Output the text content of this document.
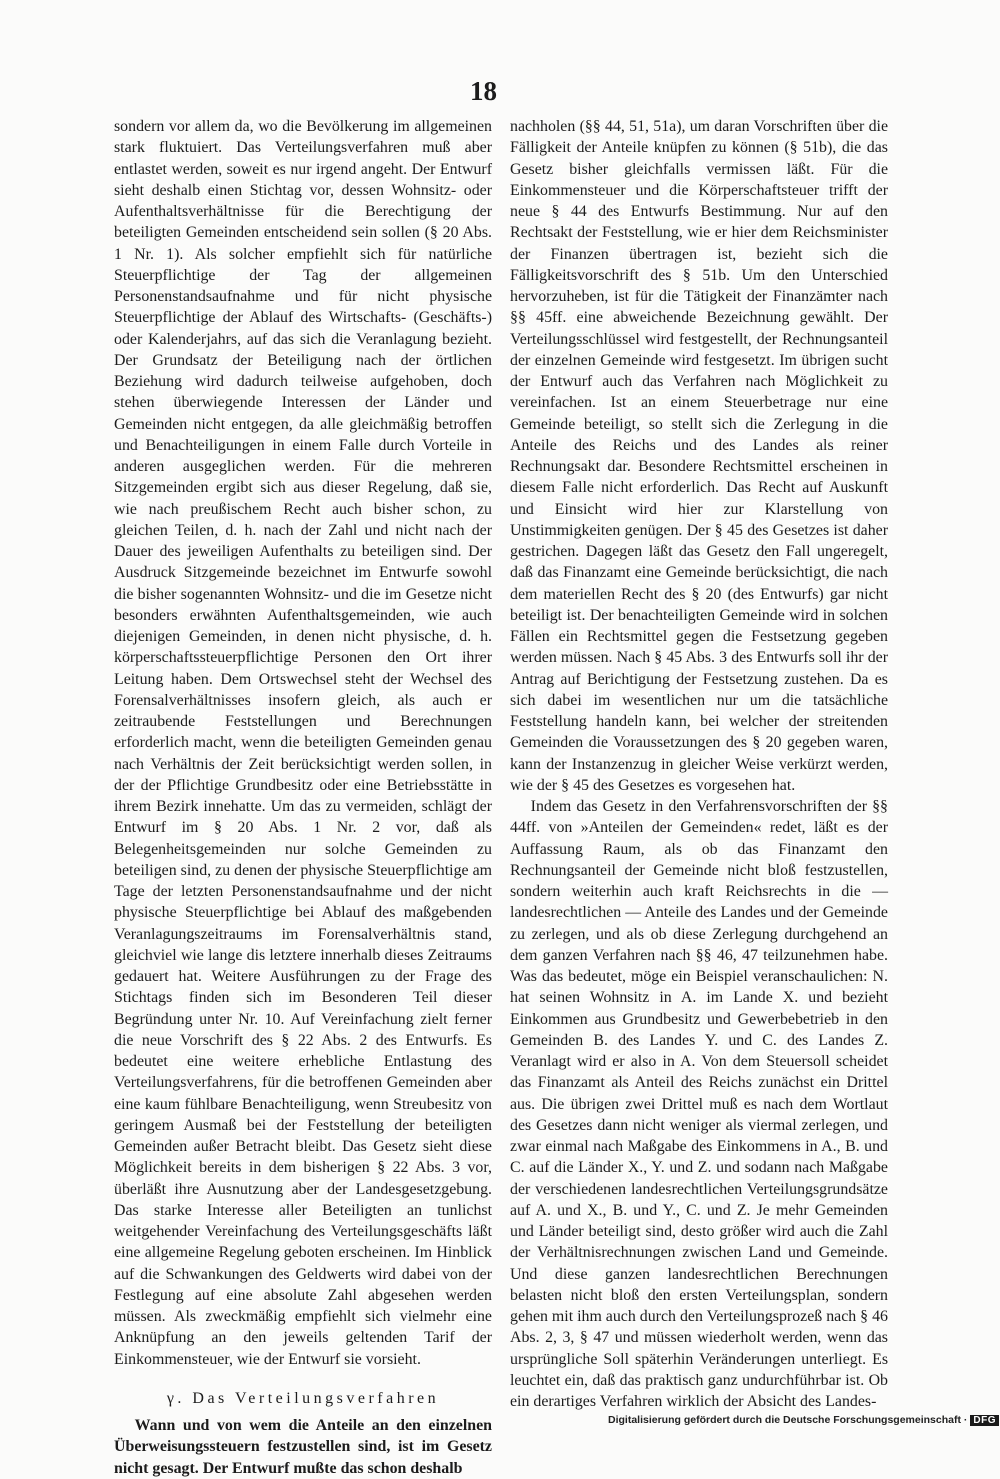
18

sondern vor allem da, wo die Bevölkerung im allgemeinen stark fluktuiert. Das Verteilungsverfahren muß aber entlastet werden, soweit es nur irgend angeht. Der Entwurf sieht deshalb einen Stichtag vor, dessen Wohnsitz- oder Aufenthaltsverhältnisse für die Berechtigung der beteiligten Gemeinden entscheidend sein sollen (§ 20 Abs. 1 Nr. 1). Als solcher empfiehlt sich für natürliche Steuerpflichtige der Tag der allgemeinen Personenstandsaufnahme und für nicht physische Steuerpflichtige der Ablauf des Wirtschafts- (Geschäfts-) oder Kalenderjahrs, auf das sich die Veranlagung bezieht. Der Grundsatz der Beteiligung nach der örtlichen Beziehung wird dadurch teilweise aufgehoben, doch stehen überwiegende Interessen der Länder und Gemeinden nicht entgegen, da alle gleichmäßig betroffen und Benachteiligungen in einem Falle durch Vorteile in anderen ausgeglichen werden. Für die mehreren Sitzgemeinden ergibt sich aus dieser Regelung, daß sie, wie nach preußischem Recht auch bisher schon, zu gleichen Teilen, d. h. nach der Zahl und nicht nach der Dauer des jeweiligen Aufenthalts zu beteiligen sind. Der Ausdruck Sitzgemeinde bezeichnet im Entwurfe sowohl die bisher sogenannten Wohnsitz- und die im Gesetze nicht besonders erwähnten Aufenthaltsgemeinden, wie auch diejenigen Gemeinden, in denen nicht physische, d. h. körperschaftssteuerpflichtige Personen den Ort ihrer Leitung haben. Dem Ortswechsel steht der Wechsel des Forensalverhältnisses insofern gleich, als auch er zeitraubende Feststellungen und Berechnungen erforderlich macht, wenn die beteiligten Gemeinden genau nach Verhältnis der Zeit berücksichtigt werden sollen, in der der Pflichtige Grundbesitz oder eine Betriebsstätte in ihrem Bezirk innehatte. Um das zu vermeiden, schlägt der Entwurf im § 20 Abs. 1 Nr. 2 vor, daß als Belegenheitsgemeinden nur solche Gemeinden zu beteiligen sind, zu denen der physische Steuerpflichtige am Tage der letzten Personenstandsaufnahme und der nicht physische Steuerpflichtige bei Ablauf des maßgebenden Veranlagungszeitraums im Forensalverhältnis stand, gleichviel wie lange dis letztere innerhalb dieses Zeitraums gedauert hat. Weitere Ausführungen zu der Frage des Stichtags finden sich im Besonderen Teil dieser Begründung unter Nr. 10. Auf Vereinfachung zielt ferner die neue Vorschrift des § 22 Abs. 2 des Entwurfs. Es bedeutet eine weitere erhebliche Entlastung des Verteilungsverfahrens, für die betroffenen Gemeinden aber eine kaum fühlbare Benachteiligung, wenn Streubesitz von geringem Ausmaß bei der Feststellung der beteiligten Gemeinden außer Betracht bleibt. Das Gesetz sieht diese Möglichkeit bereits in dem bisherigen § 22 Abs. 3 vor, überläßt ihre Ausnutzung aber der Landesgesetzgebung. Das starke Interesse aller Beteiligten an tunlichst weitgehender Vereinfachung des Verteilungsgeschäfts läßt eine allgemeine Regelung geboten erscheinen. Im Hinblick auf die Schwankungen des Geldwerts wird dabei von der Festlegung auf eine absolute Zahl abgesehen werden müssen. Als zweckmäßig empfiehlt sich vielmehr eine Anknüpfung an den jeweils geltenden Tarif der Einkommensteuer, wie der Entwurf sie vorsieht.

γ. Das Verteilungsverfahren

Wann und von wem die Anteile an den einzelnen Überweisungssteuern festzustellen sind, ist im Gesetz nicht gesagt. Der Entwurf mußte das schon deshalb

nachholen (§§ 44, 51, 51a), um daran Vorschriften über die Fälligkeit der Anteile knüpfen zu können (§ 51b), die das Gesetz bisher gleichfalls vermissen läßt. Für die Einkommensteuer und die Körperschaftsteuer trifft der neue § 44 des Entwurfs Bestimmung. Nur auf den Rechtsakt der Feststellung, wie er hier dem Reichsminister der Finanzen übertragen ist, bezieht sich die Fälligkeitsvorschrift des § 51b. Um den Unterschied hervorzuheben, ist für die Tätigkeit der Finanzämter nach §§ 45ff. eine abweichende Bezeichnung gewählt. Der Verteilungsschlüssel wird festgestellt, der Rechnungsanteil der einzelnen Gemeinde wird festgesetzt. Im übrigen sucht der Entwurf auch das Verfahren nach Möglichkeit zu vereinfachen. Ist an einem Steuerbetrage nur eine Gemeinde beteiligt, so stellt sich die Zerlegung in die Anteile des Reichs und des Landes als reiner Rechnungsakt dar. Besondere Rechtsmittel erscheinen in diesem Falle nicht erforderlich. Das Recht auf Auskunft und Einsicht wird hier zur Klarstellung von Unstimmigkeiten genügen. Der § 45 des Gesetzes ist daher gestrichen. Dagegen läßt das Gesetz den Fall ungeregelt, daß das Finanzamt eine Gemeinde berücksichtigt, die nach dem materiellen Recht des § 20 (des Entwurfs) gar nicht beteiligt ist. Der benachteiligten Gemeinde wird in solchen Fällen ein Rechtsmittel gegen die Festsetzung gegeben werden müssen. Nach § 45 Abs. 3 des Entwurfs soll ihr der Antrag auf Berichtigung der Festsetzung zustehen. Da es sich dabei im wesentlichen nur um die tatsächliche Feststellung handeln kann, bei welcher der streitenden Gemeinden die Voraussetzungen des § 20 gegeben waren, kann der Instanzenzug in gleicher Weise verkürzt werden, wie der § 45 des Gesetzes es vorgesehen hat.

Indem das Gesetz in den Verfahrensvorschriften der §§ 44ff. von »Anteilen der Gemeinden« redet, läßt es der Auffassung Raum, als ob das Finanzamt den Rechnungsanteil der Gemeinde nicht bloß festzustellen, sondern weiterhin auch kraft Reichsrechts in die — landesrechtlichen — Anteile des Landes und der Gemeinde zu zerlegen, und als ob diese Zerlegung durchgehend an dem ganzen Verfahren nach §§ 46, 47 teilzunehmen habe. Was das bedeutet, möge ein Beispiel veranschaulichen: N. hat seinen Wohnsitz in A. im Lande X. und bezieht Einkommen aus Grundbesitz und Gewerbebetrieb in den Gemeinden B. des Landes Y. und C. des Landes Z. Veranlagt wird er also in A. Von dem Steuersoll scheidet das Finanzamt als Anteil des Reichs zunächst ein Drittel aus. Die übrigen zwei Drittel muß es nach dem Wortlaut des Gesetzes dann nicht weniger als viermal zerlegen, und zwar einmal nach Maßgabe des Einkommens in A., B. und C. auf die Länder X., Y. und Z. und sodann nach Maßgabe der verschiedenen landesrechtlichen Verteilungsgrundsätze auf A. und X., B. und Y., C. und Z. Je mehr Gemeinden und Länder beteiligt sind, desto größer wird auch die Zahl der Verhältnisrechnungen zwischen Land und Gemeinde. Und diese ganzen landesrechtlichen Berechnungen belasten nicht bloß den ersten Verteilungsplan, sondern gehen mit ihm auch durch den Verteilungsprozeß nach § 46 Abs. 2, 3, § 47 und müssen wiederholt werden, wenn das ursprüngliche Soll späterhin Veränderungen unterliegt. Es leuchtet ein, daß das praktisch ganz undurchführbar ist. Ob ein derartiges Verfahren wirklich der Absicht des Landes-

Digitalisierung gefördert durch die Deutsche Forschungsgemeinschaft · DFG
